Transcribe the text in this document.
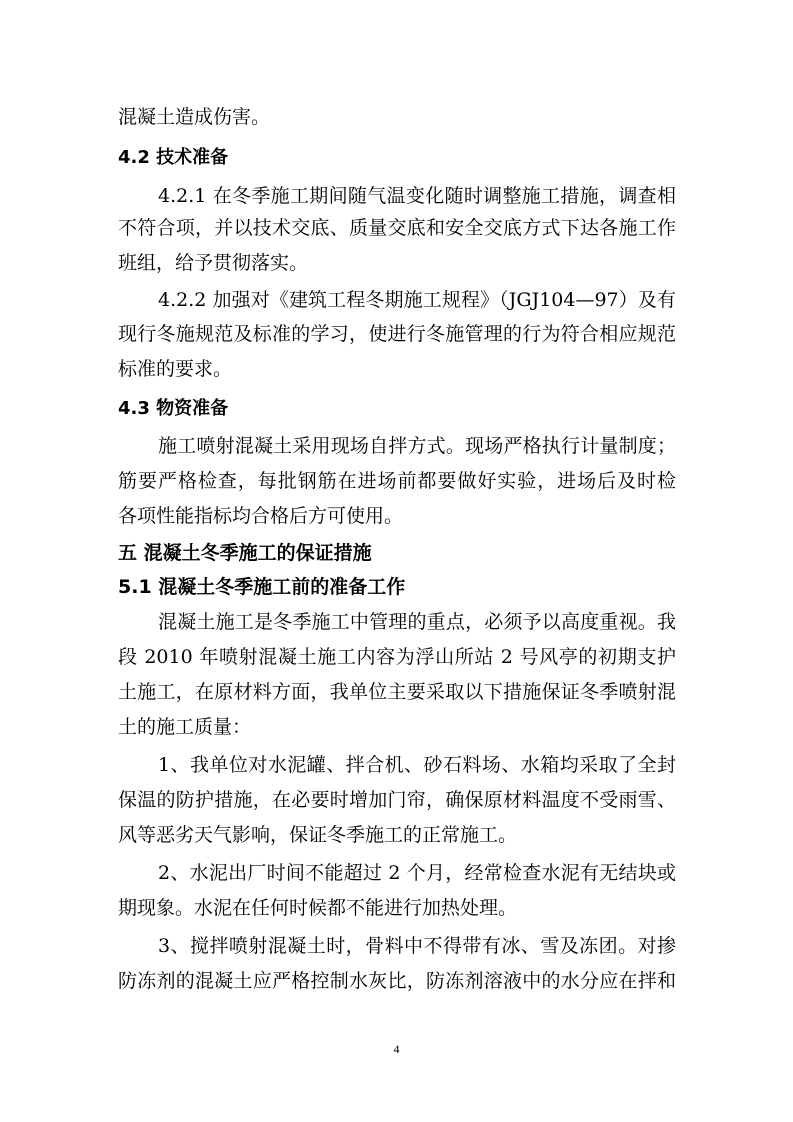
混凝土造成伤害。
4.2 技术准备
4.2.1 在冬季施工期间随气温变化随时调整施工措施，调查相
不符合项，并以技术交底、质量交底和安全交底方式下达各施工作
班组，给予贯彻落实。
4.2.2 加强对《建筑工程冬期施工规程》（JGJ104—97）及有
现行冬施规范及标准的学习，使进行冬施管理的行为符合相应规范
标准的要求。
4.3 物资准备
施工喷射混凝土采用现场自拌方式。现场严格执行计量制度；
筋要严格检查，每批钢筋在进场前都要做好实验，进场后及时检
各项性能指标均合格后方可使用。
五 混凝土冬季施工的保证措施
5.1 混凝土冬季施工前的准备工作
混凝土施工是冬季施工中管理的重点，必须予以高度重视。我
段 2010 年喷射混凝土施工内容为浮山所站 2 号风亭的初期支护
土施工，在原材料方面，我单位主要采取以下措施保证冬季喷射混
土的施工质量：
1、我单位对水泥罐、拌合机、砂石料场、水箱均采取了全封
保温的防护措施，在必要时增加门帘，确保原材料温度不受雨雪、
风等恶劣天气影响，保证冬季施工的正常施工。
2、水泥出厂时间不能超过 2 个月，经常检查水泥有无结块或
期现象。水泥在任何时候都不能进行加热处理。
3、搅拌喷射混凝土时，骨料中不得带有冰、雪及冻团。对掺
防冻剂的混凝土应严格控制水灰比，防冻剂溶液中的水分应在拌和
4
